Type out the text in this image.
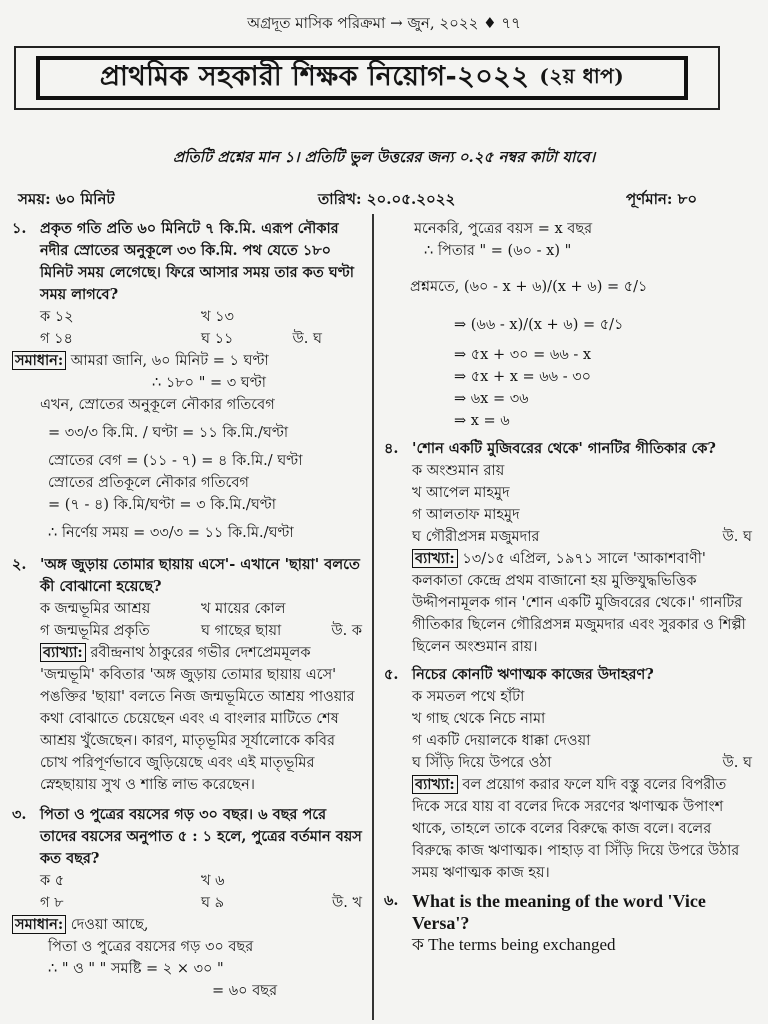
অগ্রদূত মাসিক পরিক্রমা → জুন, ২০২২ ♦ ৭৭
প্রাথমিক সহকারী শিক্ষক নিয়োগ-২০২২ (২য় ধাপ)
প্রতিটি প্রশ্নের মান ১। প্রতিটি ভুল উত্তরের জন্য ০.২৫ নম্বর কাটা যাবে।
সময়: ৬০ মিনিট	তারিখ: ২০.০৫.২০২২	পূর্ণমান: ৮০
১. প্রকৃত গতি প্রতি ৬০ মিনিটে ৭ কি.মি. এরূপ নৌকার নদীর স্রোতের অনুকূলে ৩৩ কি.মি. পথ যেতে ১৮০ মিনিট সময় লেগেছে। ফিরে আসার সময় তার কত ঘণ্টা সময় লাগবে?
ক ১২	খ ১৩
গ ১৪	ঘ ১১	উ. ঘ
সমাধান: আমরা জানি, ৬০ মিনিট = ১ ঘণ্টা
∴ ১৮০ " = ৩ ঘণ্টা
এখন, স্রোতের অনুকূলে নৌকার গতিবেগ
= ৩৩/৩ কি.মি. / ঘণ্টা = ১১ কি.মি./ঘণ্টা
স্রোতের বেগ = (১১ - ৭) = ৪ কি.মি./ ঘণ্টা
স্রোতের প্রতিকূলে নৌকার গতিবেগ
= (৭ - ৪) কি.মি/ঘণ্টা = ৩ কি.মি./ঘণ্টা
∴ নির্ণেয় সময় = ৩৩/৩ = ১১ কি.মি./ঘণ্টা
২. 'অঙ্গ জুড়ায় তোমার ছায়ায় এসে'- এখানে 'ছায়া' বলতে কী বোঝানো হয়েছে?
ক জন্মভূমির আশ্রয়	খ মায়ের কোল
গ জন্মভূমির প্রকৃতি	ঘ গাছের ছায়া	উ. ক
ব্যাখ্যা: রবীন্দ্রনাথ ঠাকুরের গভীর দেশপ্রেমমূলক 'জন্মভূমি' কবিতার 'অঙ্গ জুড়ায় তোমার ছায়ায় এসে' পঙক্তির 'ছায়া' বলতে নিজ জন্মভূমিতে আশ্রয় পাওয়ার কথা বোঝাতে চেয়েছেন এবং এ বাংলার মাটিতে শেষ আশ্রয় খুঁজেছেন। কারণ, মাতৃভূমির সূর্যালোকে কবির চোখ পরিপূর্ণভাবে জুড়িয়েছে এবং এই মাতৃভূমির স্নেহছায়ায় সুখ ও শান্তি লাভ করেছেন।
৩. পিতা ও পুত্রের বয়সের গড় ৩০ বছর। ৬ বছর পরে তাদের বয়সের অনুপাত ৫ : ১ হলে, পুত্রের বর্তমান বয়স কত বছর?
ক ৫	খ ৬
গ ৮	ঘ ৯	উ. খ
সমাধান: দেওয়া আছে,
পিতা ও পুত্রের বয়সের গড় ৩০ বছর
∴ " ও " " সমষ্টি = ২ × ৩০ "
= ৬০ বছর
মনেকরি, পুত্রের বয়স = x বছর
∴ পিতার " = (৬০ - x) "
প্রশ্নমতে, (৬০ - x + ৬)/(x + ৬) = ৫/১
⇒ (৬৬ - x)/(x + ৬) = ৫/১
⇒ ৫x + ৩০ = ৬৬ - x
⇒ ৫x + x = ৬৬ - ৩০
⇒ ৬x = ৩৬
⇒ x = ৬
৪. 'শোন একটি মুজিবরের থেকে' গানটির গীতিকার কে?
ক অংশুমান রায়
খ আপেল মাহমুদ
গ আলতাফ মাহমুদ
ঘ গৌরীপ্রসন্ন মজুমদার	উ. ঘ
ব্যাখ্যা: ১৩/১৫ এপ্রিল, ১৯৭১ সালে 'আকাশবাণী' কলকাতা কেন্দ্রে প্রথম বাজানো হয় মুক্তিযুদ্ধভিত্তিক উদ্দীপনামূলক গান 'শোন একটি মুজিবরের থেকে।' গানটির গীতিকার ছিলেন গৌরিপ্রসন্ন মজুমদার এবং সুরকার ও শিল্পী ছিলেন অংশুমান রায়।
৫. নিচের কোনটি ঋণাত্মক কাজের উদাহরণ?
ক সমতল পথে হাঁটা
খ গাছ থেকে নিচে নামা
গ একটি দেয়ালকে ধাক্কা দেওয়া
ঘ সিঁড়ি দিয়ে উপরে ওঠা	উ. ঘ
ব্যাখ্যা: বল প্রয়োগ করার ফলে যদি বস্তু বলের বিপরীত দিকে সরে যায় বা বলের দিকে সরণের ঋণাত্মক উপাংশ থাকে, তাহলে তাকে বলের বিরুদ্ধে কাজ বলে। বলের বিরুদ্ধে কাজ ঋণাত্মক। পাহাড় বা সিঁড়ি দিয়ে উপরে উঠার সময় ঋণাত্মক কাজ হয়।
৬. What is the meaning of the word 'Vice Versa'?
ক The terms being exchanged
